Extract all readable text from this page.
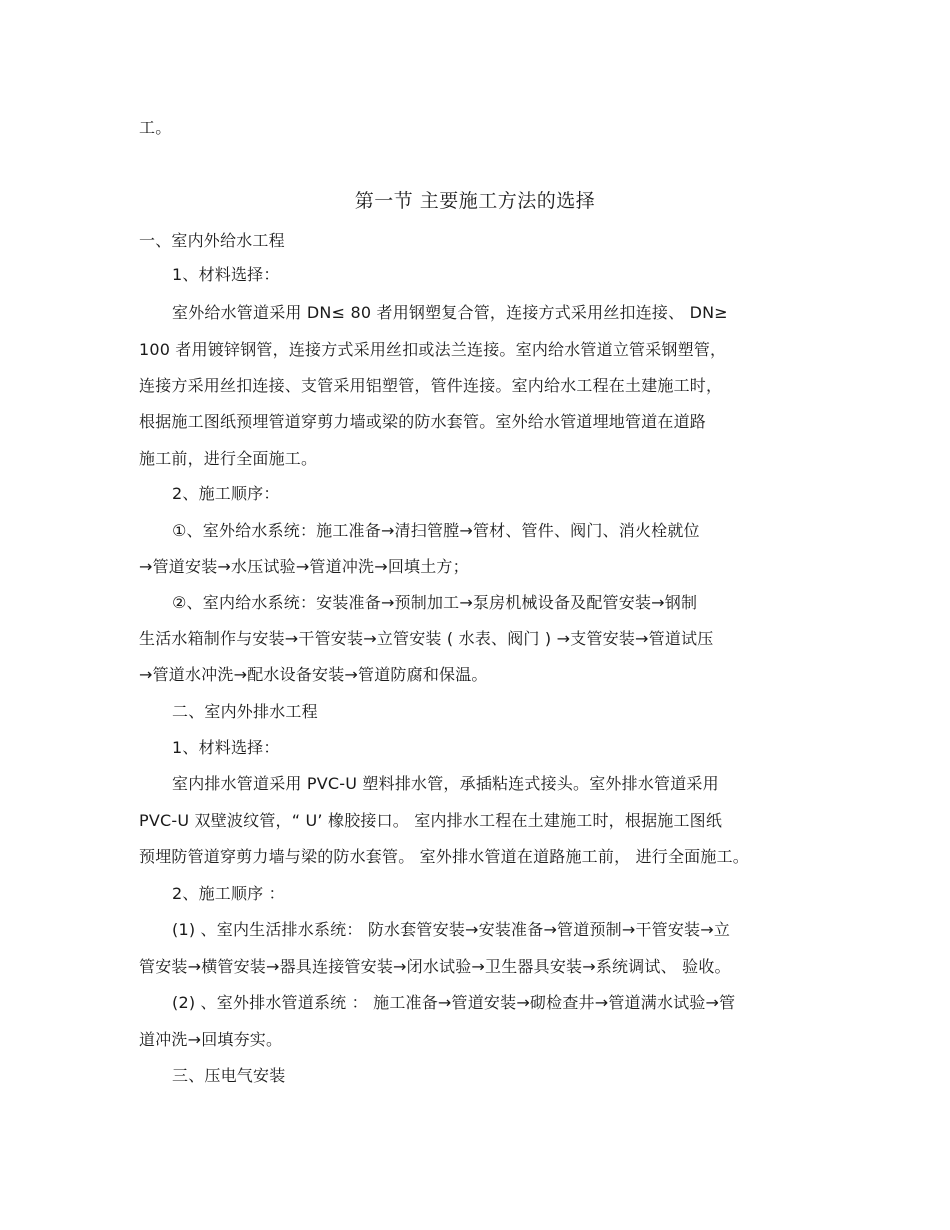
工。
第一节 主要施工方法的选择
一、室内外给水工程
1、材料选择：
室外给水管道采用 DN≤ 80 者用钢塑复合管，连接方式采用丝扣连接、 DN≥
100 者用镀锌钢管，连接方式采用丝扣或法兰连接。室内给水管道立管采钢塑管，
连接方采用丝扣连接、支管采用铝塑管，管件连接。室内给水工程在土建施工时，
根据施工图纸预埋管道穿剪力墙或梁的防水套管。室外给水管道埋地管道在道路
施工前，进行全面施工。
2、施工顺序：
①、室外给水系统：施工准备→清扫管膛→管材、管件、阀门、消火栓就位
→管道安装→水压试验→管道冲洗→回填土方；
②、室内给水系统：安装准备→预制加工→泵房机械设备及配管安装→钢制
生活水箱制作与安装→干管安装→立管安装 ( 水表、阀门 ) →支管安装→管道试压
→管道水冲洗→配水设备安装→管道防腐和保温。
二、室内外排水工程
1、材料选择：
室内排水管道采用 PVC-U 塑料排水管，承插粘连式接头。室外排水管道采用
PVC-U 双壁波纹管，“ U’ 橡胶接口。 室内排水工程在土建施工时，根据施工图纸
预埋防管道穿剪力墙与梁的防水套管。 室外排水管道在道路施工前， 进行全面施工。
2、施工顺序 ：
(1) 、室内生活排水系统： 防水套管安装→安装准备→管道预制→干管安装→立
管安装→横管安装→器具连接管安装→闭水试验→卫生器具安装→系统调试、 验收。
(2) 、室外排水管道系统 ： 施工准备→管道安装→砌检查井→管道满水试验→管
道冲洗→回填夯实。
三、压电气安装
